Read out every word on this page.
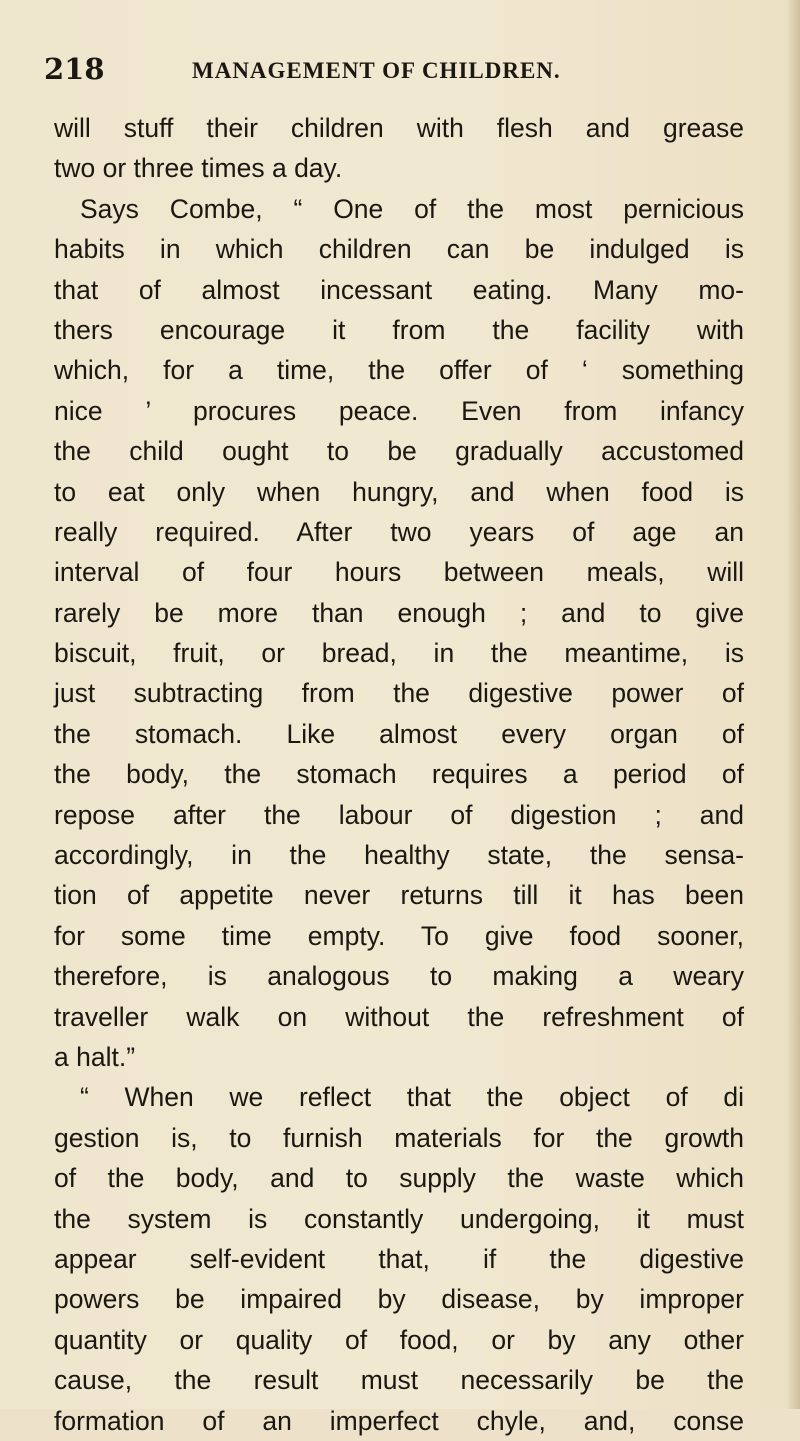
218	MANAGEMENT OF CHILDREN.
will stuff their children with flesh and grease
two or three times a day.
Says Combe, “ One of the most pernicious
habits in which children can be indulged is
that of almost incessant eating. Many mo-
thers encourage it from the facility with
which, for a time, the offer of ‘ something
nice ’ procures peace. Even from infancy
the child ought to be gradually accustomed
to eat only when hungry, and when food is
really required. After two years of age an
interval of four hours between meals, will
rarely be more than enough ; and to give
biscuit, fruit, or bread, in the meantime, is
just subtracting from the digestive power of
the stomach. Like almost every organ of
the body, the stomach requires a period of
repose after the labour of digestion ; and
accordingly, in the healthy state, the sensa-
tion of appetite never returns till it has been
for some time empty. To give food sooner,
therefore, is analogous to making a weary
traveller walk on without the refreshment of
a halt.”
“ When we reflect that the object of di
gestion is, to furnish materials for the growth
of the body, and to supply the waste which
the system is constantly undergoing, it must
appear self-evident that, if the digestive
powers be impaired by disease, by improper
quantity or quality of food, or by any other
cause, the result must necessarily be the
formation of an imperfect chyle, and, conse
